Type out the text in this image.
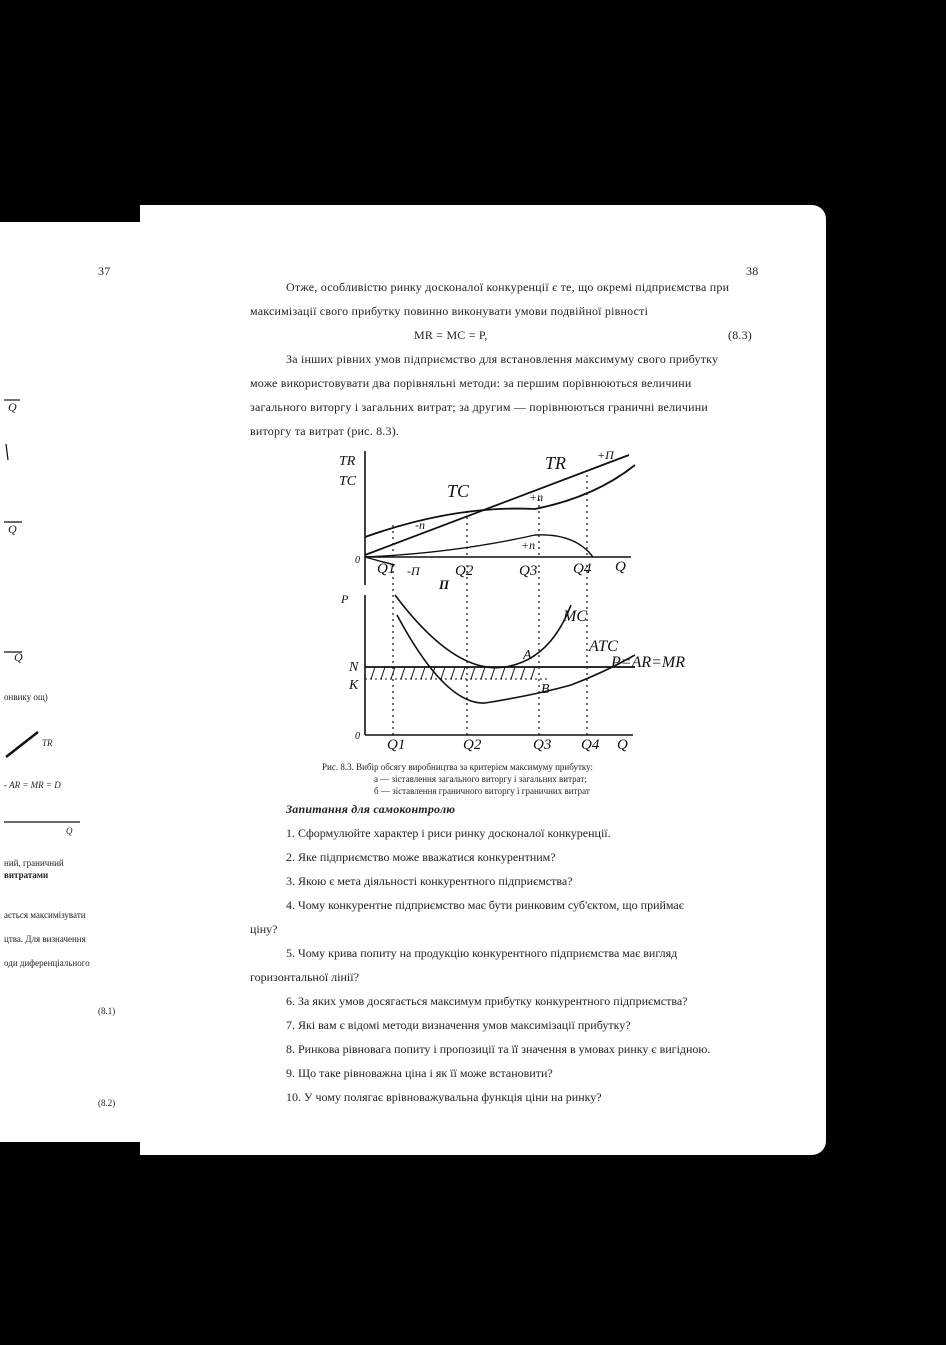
37
Q
Q
Q
онвику ощ)
TR
- AR = MR = D
Q
ний, граничний
витратами
ається максимізувати
цтва. Для визначення
оди диференціального
(8.1)
(8.2)
38
Отже, особливістю ринку досконалої конкуренції є те, що окремі підприємства при
максимізації свого прибутку повинно виконувати умови подвійної рівності
MR = MC = P,	(8.3)
За інших рівних умов підприємство для встановлення максимуму свого прибутку
може використовувати два порівняльні методи: за першим порівнюються величини
загального виторгу і загальних витрат; за другим — порівнюються граничні величини
виторгу та витрат (рис. 8.3).
TR
TC	TC
TR	+П
+п
-п
+п
0
Q1	Q2	Q3 Q4 Q
-П
П
P
N
K
0
MC
ATC
P=AR=MR
A
B
Q1	Q2	Q3 Q4 Q
Рис. 8.3. Вибір обсягу виробництва за критерієм максимуму прибутку:
а — зіставлення загального виторгу і загальних витрат;
б — зіставлення граничного виторгу і граничних витрат
Запитання для самоконтролю
1. Сформулюйте характер і риси ринку досконалої конкуренції.
2. Яке підприємство може вважатися конкурентним?
3. Якою є мета діяльності конкурентного підприємства?
4. Чому конкурентне підприємство має бути ринковим суб'єктом, що приймає
ціну?
5. Чому крива попиту на продукцію конкурентного підприємства має вигляд
горизонтальної лінії?
6. За яких умов досягається максимум прибутку конкурентного підприємства?
7. Які вам є відомі методи визначення умов максимізації прибутку?
8. Ринкова рівновага попиту і пропозиції та її значення в умовах ринку є вигідною.
9. Що таке рівноважна ціна і як її може встановити?
10. У чому полягає врівноважувальна функція ціни на ринку?
